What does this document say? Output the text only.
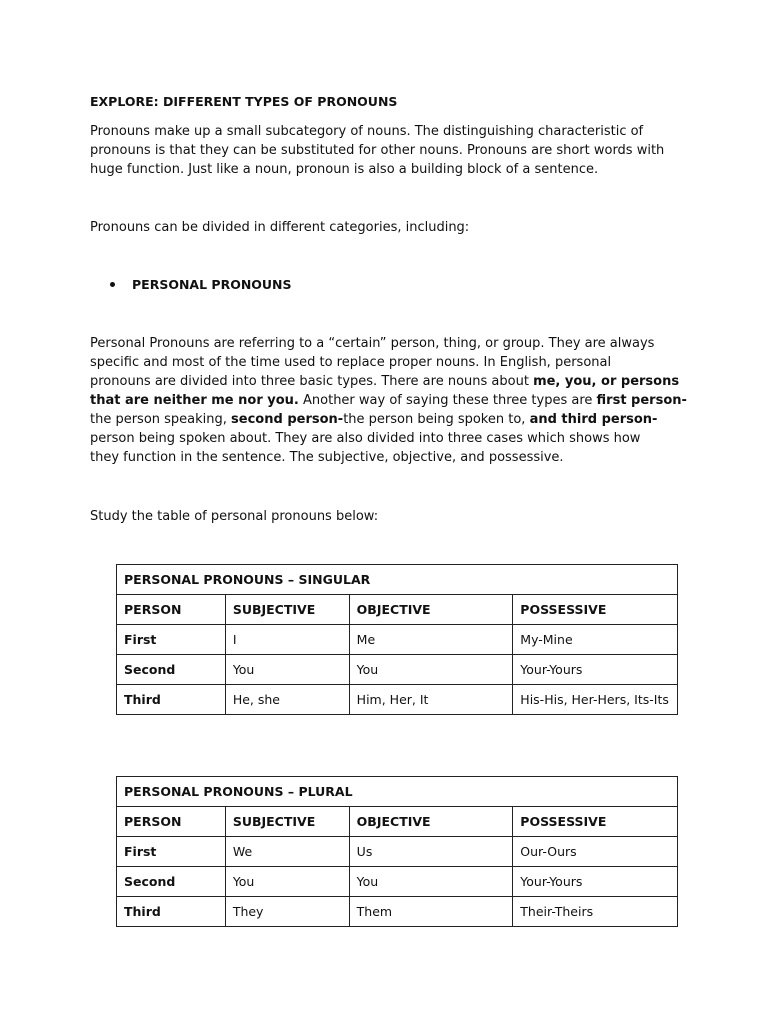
EXPLORE: DIFFERENT TYPES OF PRONOUNS
Pronouns make up a small subcategory of nouns. The distinguishing characteristic of
pronouns is that they can be substituted for other nouns. Pronouns are short words with
huge function. Just like a noun, pronoun is also a building block of a sentence.
Pronouns can be divided in different categories, including:
PERSONAL PRONOUNS
Personal Pronouns are referring to a “certain” person, thing, or group. They are always
specific and most of the time used to replace proper nouns. In English, personal
pronouns are divided into three basic types. There are nouns about me, you, or persons
that are neither me nor you. Another way of saying these three types are first person-
the person speaking, second person-the person being spoken to, and third person-
person being spoken about. They are also divided into three cases which shows how
they function in the sentence. The subjective, objective, and possessive.
Study the table of personal pronouns below:
PERSONAL PRONOUNS – SINGULAR			
PERSON	SUBJECTIVE	OBJECTIVE	POSSESSIVE
First	I	Me	My-Mine
Second	You	You	Your-Yours
Third	He, she	Him, Her, It	His-His, Her-Hers, Its-Its
PERSONAL PRONOUNS – PLURAL			
PERSON	SUBJECTIVE	OBJECTIVE	POSSESSIVE
First	We	Us	Our-Ours
Second	You	You	Your-Yours
Third	They	Them	Their-Theirs
